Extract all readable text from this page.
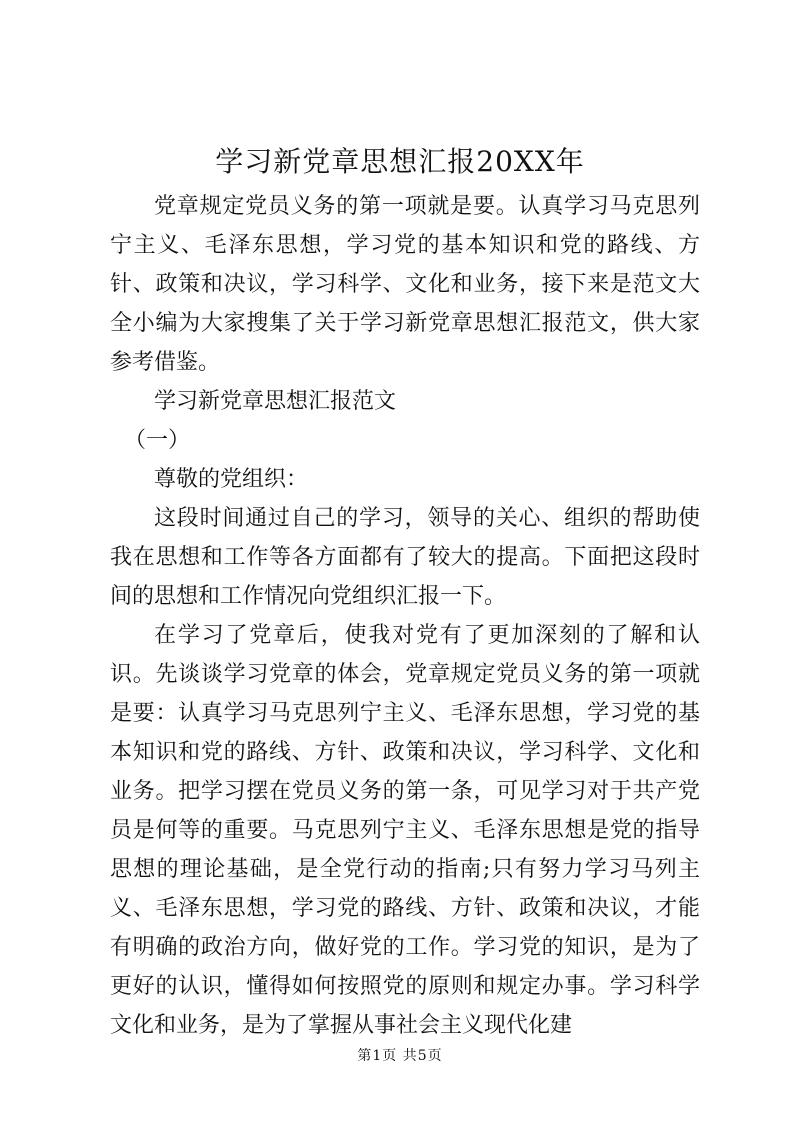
学习新党章思想汇报20XX年

党章规定党员义务的第一项就是要。认真学习马克思列宁主义、毛泽东思想，学习党的基本知识和党的路线、方针、政策和决议，学习科学、文化和业务，接下来是范文大全小编为大家搜集了关于学习新党章思想汇报范文，供大家参考借鉴。

学习新党章思想汇报范文

（一）

尊敬的党组织：

这段时间通过自己的学习，领导的关心、组织的帮助使我在思想和工作等各方面都有了较大的提高。下面把这段时间的思想和工作情况向党组织汇报一下。

在学习了党章后，使我对党有了更加深刻的了解和认识。先谈谈学习党章的体会，党章规定党员义务的第一项就是要：认真学习马克思列宁主义、毛泽东思想，学习党的基本知识和党的路线、方针、政策和决议，学习科学、文化和业务。把学习摆在党员义务的第一条，可见学习对于共产党员是何等的重要。马克思列宁主义、毛泽东思想是党的指导思想的理论基础，是全党行动的指南;只有努力学习马列主义、毛泽东思想，学习党的路线、方针、政策和决议，才能有明确的政治方向，做好党的工作。学习党的知识，是为了更好的认识，懂得如何按照党的原则和规定办事。学习科学文化和业务，是为了掌握从事社会主义现代化建

第1页 共5页
